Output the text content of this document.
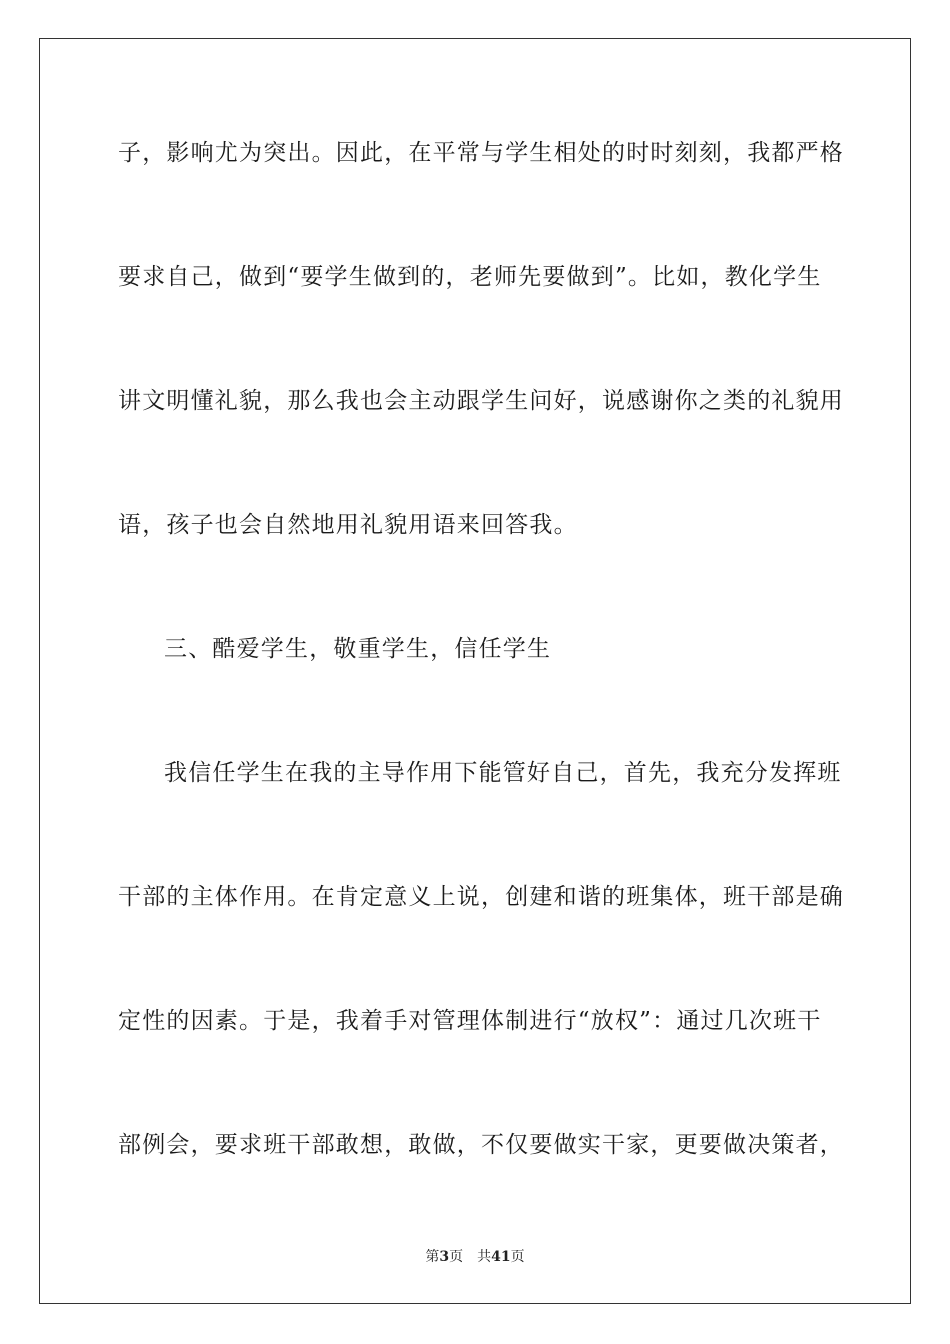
子，影响尤为突出。因此，在平常与学生相处的时时刻刻，我都严格
要求自己，做到“要学生做到的，老师先要做到”。比如，教化学生
讲文明懂礼貌，那么我也会主动跟学生问好，说感谢你之类的礼貌用
语，孩子也会自然地用礼貌用语来回答我。
三、酷爱学生，敬重学生，信任学生
我信任学生在我的主导作用下能管好自己，首先，我充分发挥班
干部的主体作用。在肯定意义上说，创建和谐的班集体，班干部是确
定性的因素。于是，我着手对管理体制进行“放权”：通过几次班干
部例会，要求班干部敢想，敢做，不仅要做实干家，更要做决策者，
第3页 共41页
